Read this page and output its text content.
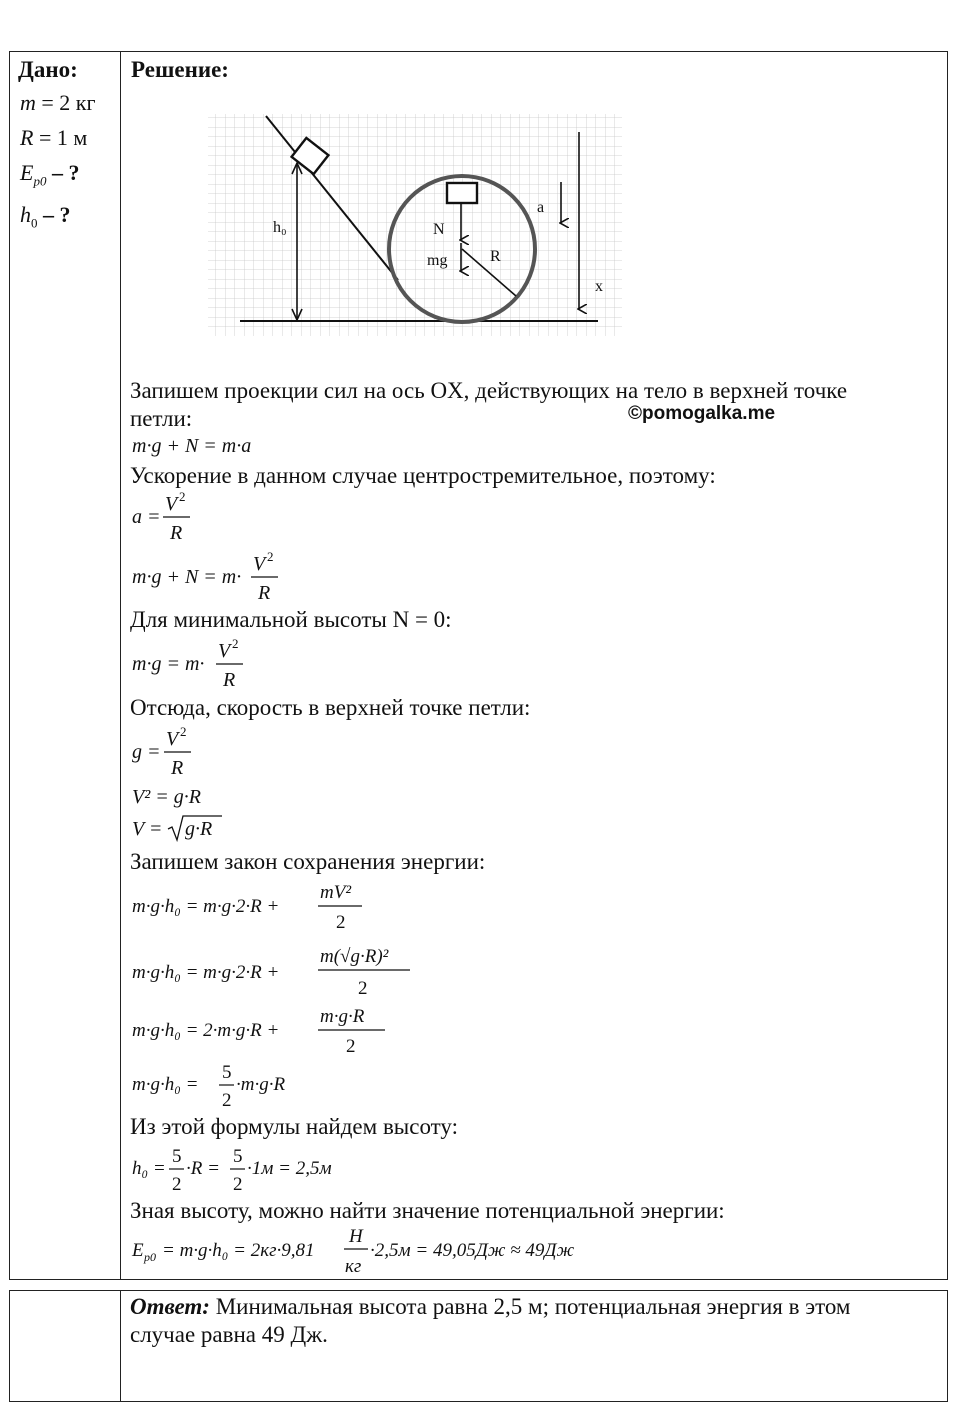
Дано:
m = 2 кг
R = 1 м
$E_{p0}$ – ?
$h_0$ – ?
Решение:
h₀	N
mg	R
a
x
Запишем проекции сил на ось OX, действующих на тело в верхней точке
петли:	©pomogalka.me
m·g + N = m·a
Ускорение в данном случае центростремительное, поэтому:
a =
V 2
R
m·g + N = m·
V 2
R
Для минимальной высоты N = 0:
m·g = m·
V 2
R
Отсюда, скорость в верхней точке петли:
g =
V 2
R
V² = g·R
V = g·R
Запишем закон сохранения энергии:
m·g·h₀ = m·g·2·R +
mV²
2
m·g·h₀ = m·g·2·R +
m(√g·R)²
2
m·g·h₀ = 2·m·g·R +
m·g·R
2
m·g·h₀ =
5
2
·m·g·R
Из этой формулы найдем высоту:
h₀ =
5
2
·R =
5
2
·1м = 2,5м
Зная высоту, можно найти значение потенциальной энергии:
E p0 = m·g·h₀ = 2кг·9,81
Н
кг
·2,5м = 49,05Дж ≈ 49Дж
Ответ: Минимальная высота равна 2,5 м; потенциальная энергия в этом
случае равна 49 Дж.
